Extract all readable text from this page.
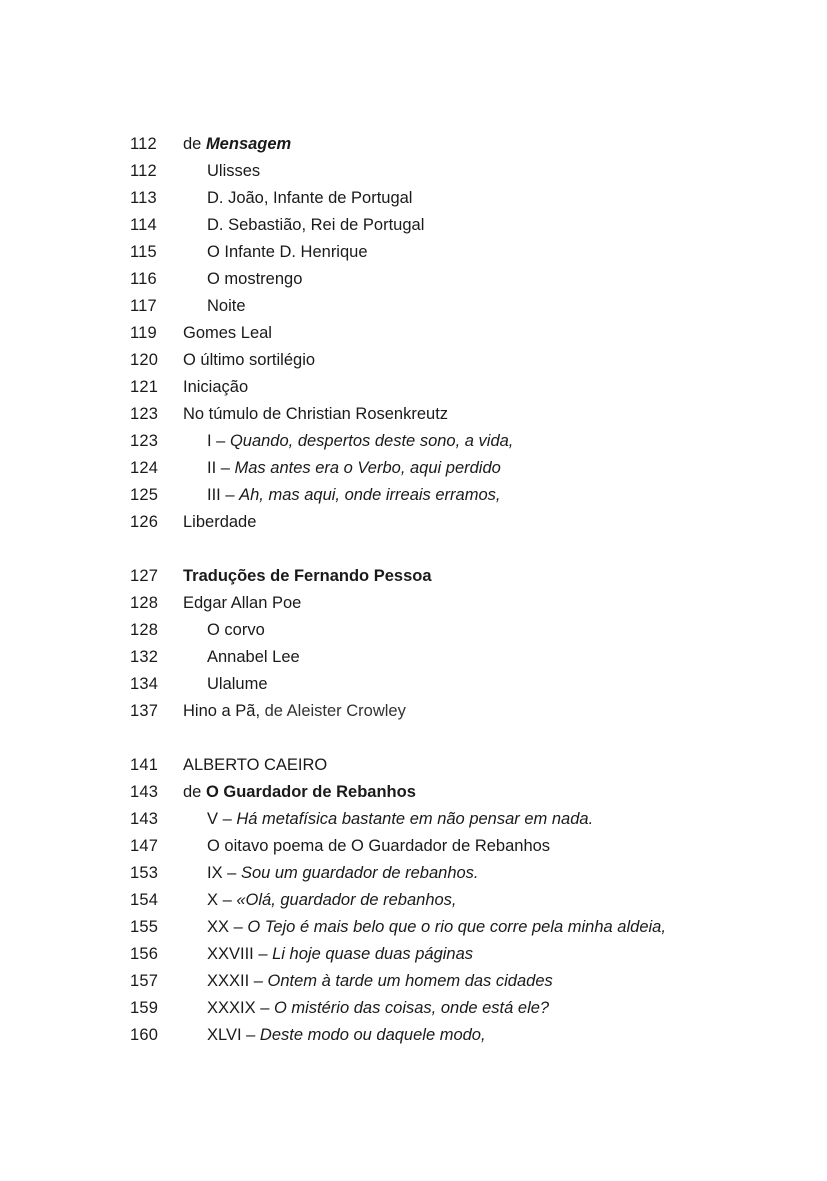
112	de Mensagem
112	Ulisses
113	D. João, Infante de Portugal
114	D. Sebastião, Rei de Portugal
115	O Infante D. Henrique
116	O mostrengo
117	Noite
119	Gomes Leal
120	O último sortilégio
121	Iniciação
123	No túmulo de Christian Rosenkreutz
123	I – Quando, despertos deste sono, a vida,
124	II – Mas antes era o Verbo, aqui perdido
125	III – Ah, mas aqui, onde irreais erramos,
126	Liberdade
127	Traduções de Fernando Pessoa
128	Edgar Allan Poe
128	O corvo
132	Annabel Lee
134	Ulalume
137	Hino a Pã, de Aleister Crowley
141	ALBERTO CAEIRO
143	de O Guardador de Rebanhos
143	V – Há metafísica bastante em não pensar em nada.
147	O oitavo poema de O Guardador de Rebanhos
153	IX – Sou um guardador de rebanhos.
154	X – «Olá, guardador de rebanhos,
155	XX – O Tejo é mais belo que o rio que corre pela minha aldeia,
156	XXVIII – Li hoje quase duas páginas
157	XXXII – Ontem à tarde um homem das cidades
159	XXXIX – O mistério das coisas, onde está ele?
160	XLVI – Deste modo ou daquele modo,
